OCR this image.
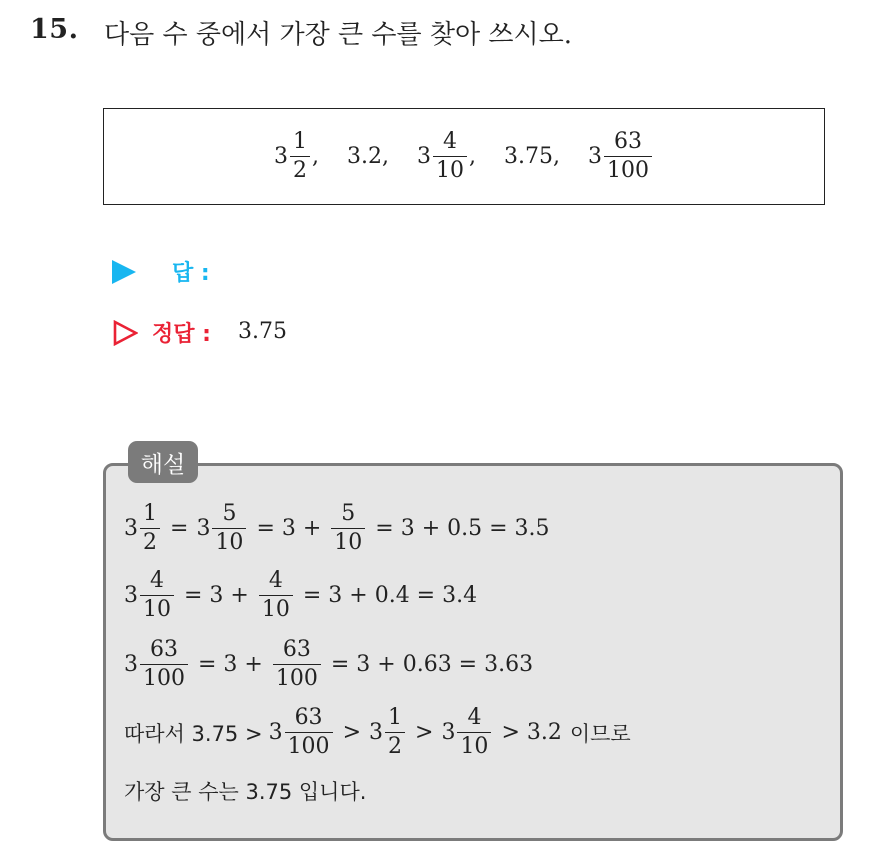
15. 다음 수 중에서 가장 큰 수를 찾아 쓰시오.
$3 \frac{1}{2}$ , 3.2, $3 \frac{4}{10}$ , 3.75, $3 \frac{63}{100}$
답 :
정답 : 3.75
해설
$3 \frac{1}{2} = 3 \frac{5}{10} = 3 + \frac{5}{10} = 3 + 0.5 = 3.5$
$3 \frac{4}{10} = 3 + \frac{4}{10} = 3 + 0.4 = 3.4$
$3 \frac{63}{100} = 3 + \frac{63}{100} = 3 + 0.63 = 3.63$
따라서 $3.75 > 3 \frac{63}{100} > 3 \frac{1}{2} > 3 \frac{4}{10} > 3.2$ 이므로
가장 큰 수는 3.75 입니다.
